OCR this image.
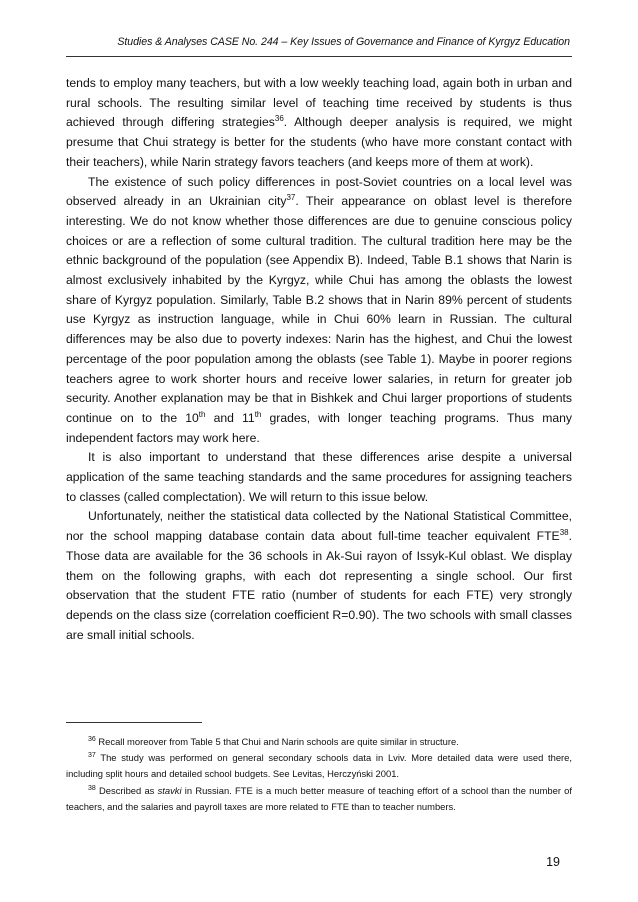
Studies & Analyses CASE No. 244 – Key Issues of Governance and Finance of Kyrgyz Education

tends to employ many teachers, but with a low weekly teaching load, again both in urban and rural schools. The resulting similar level of teaching time received by students is thus achieved through differing strategies$^{36}$. Although deeper analysis is required, we might presume that Chui strategy is better for the students (who have more constant contact with their teachers), while Narin strategy favors teachers (and keeps more of them at work).

The existence of such policy differences in post-Soviet countries on a local level was observed already in an Ukrainian city$^{37}$. Their appearance on oblast level is therefore interesting. We do not know whether those differences are due to genuine conscious policy choices or are a reflection of some cultural tradition. The cultural tradition here may be the ethnic background of the population (see Appendix B). Indeed, Table B.1 shows that Narin is almost exclusively inhabited by the Kyrgyz, while Chui has among the oblasts the lowest share of Kyrgyz population. Similarly, Table B.2 shows that in Narin 89% percent of students use Kyrgyz as instruction language, while in Chui 60% learn in Russian. The cultural differences may be also due to poverty indexes: Narin has the highest, and Chui the lowest percentage of the poor population among the oblasts (see Table 1). Maybe in poorer regions teachers agree to work shorter hours and receive lower salaries, in return for greater job security. Another explanation may be that in Bishkek and Chui larger proportions of students continue on to the 10th and 11th grades, with longer teaching programs. Thus many independent factors may work here.

It is also important to understand that these differences arise despite a universal application of the same teaching standards and the same procedures for assigning teachers to classes (called complectation). We will return to this issue below.

Unfortunately, neither the statistical data collected by the National Statistical Committee, nor the school mapping database contain data about full-time teacher equivalent FTE$^{38}$. Those data are available for the 36 schools in Ak-Sui rayon of Issyk-Kul oblast. We display them on the following graphs, with each dot representing a single school. Our first observation that the student FTE ratio (number of students for each FTE) very strongly depends on the class size (correlation coefficient R=0.90). The two schools with small classes are small initial schools.

$^{36}$ Recall moreover from Table 5 that Chui and Narin schools are quite similar in structure.

$^{37}$ The study was performed on general secondary schools data in Lviv. More detailed data were used there, including split hours and detailed school budgets. See Levitas, Herczyński 2001.

$^{38}$ Described as stavki in Russian. FTE is a much better measure of teaching effort of a school than the number of teachers, and the salaries and payroll taxes are more related to FTE than to teacher numbers.

19
